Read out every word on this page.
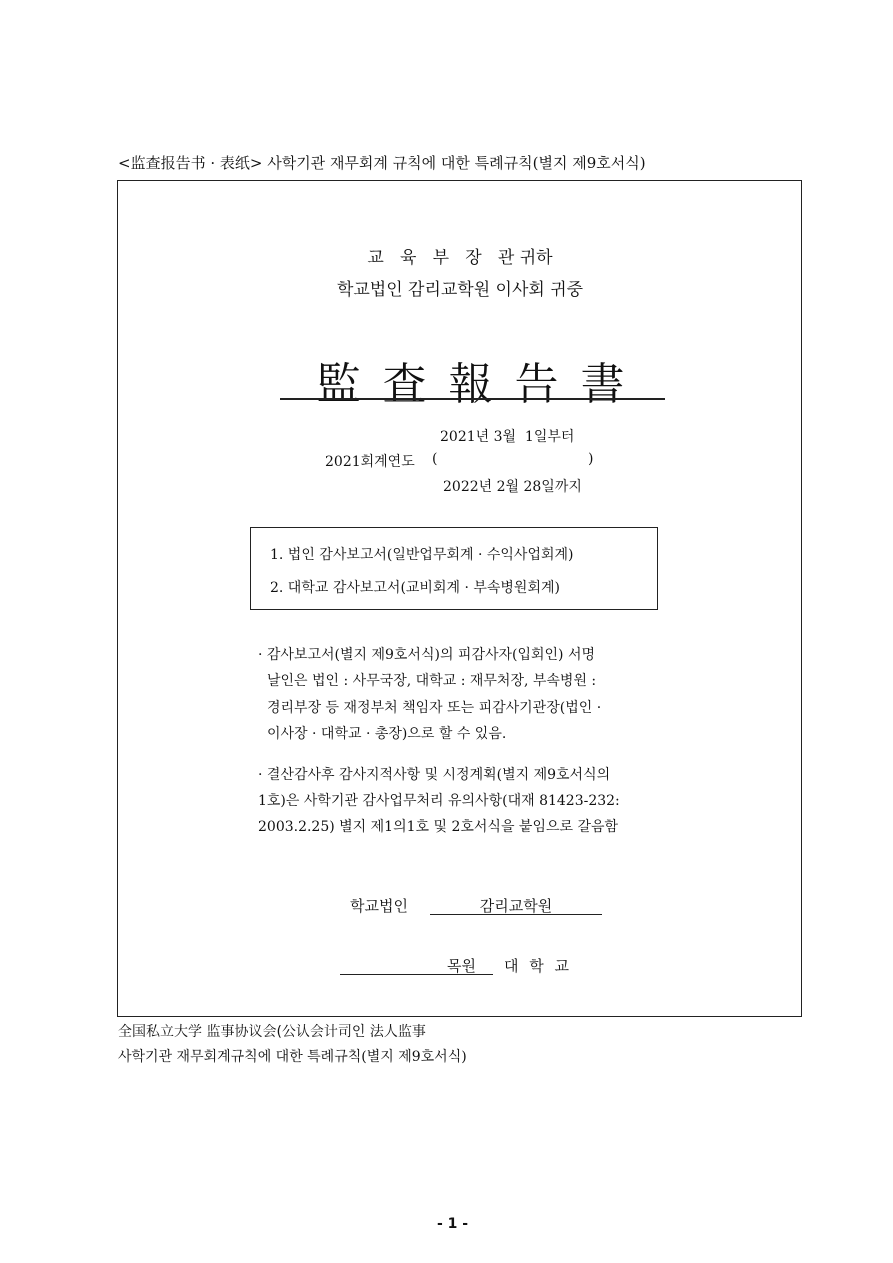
<监查报告书 · 表纸> 사학기관 재무회계 규칙에 대한 특례규칙(별지 제9호서식)
교   육   부   장   관 귀하
학교법인 감리교학원 이사회 귀중
監 査 報 告 書
2021년 3월  1일부터
2021회계연도 (	)
2022년 2월 28일까지
1. 법인 감사보고서(일반업무회계 · 수익사업회계)
2. 대학교 감사보고서(교비회계 · 부속병원회계)
· 감사보고서(별지 제9호서식)의 피감사자(입회인) 서명
날인은 법인 : 사무국장, 대학교 : 재무처장, 부속병원 :
경리부장 등 재정부처 책임자 또는 피감사기관장(법인 ·
이사장 · 대학교 · 총장)으로 할 수 있음.
· 결산감사후 감사지적사항 및 시정계획(별지 제9호서식의
1호)은 사학기관 감사업무처리 유의사항(대재 81423-232:
2003.2.25) 별지 제1의1호 및 2호서식을 붙임으로 갈음함
학교법인	감리교학원
목원 대 학 교
全国私立大学 监事协议会(公认会计司인 法人监事
사학기관 재무회계규칙에 대한 특례규칙(별지 제9호서식)
- 1 -
